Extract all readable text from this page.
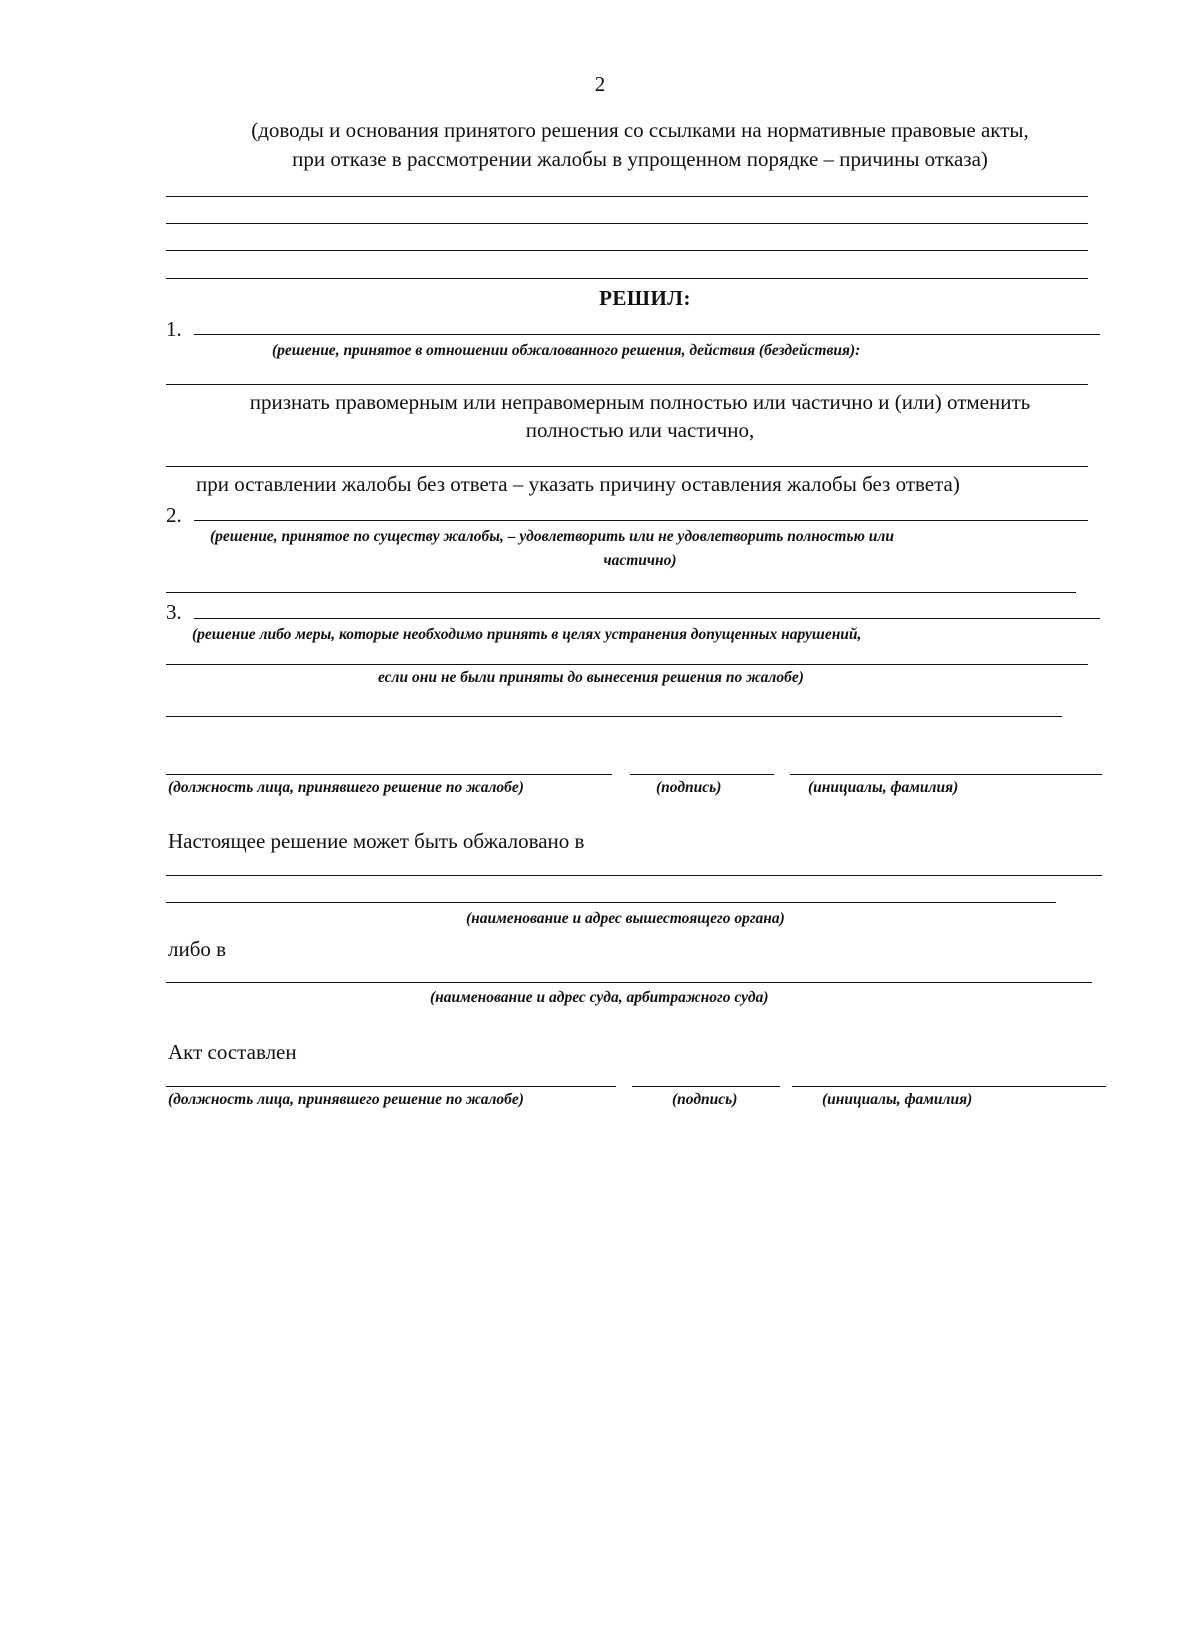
2
(доводы и основания принятого решения со ссылками на нормативные правовые акты,
при отказе в рассмотрении жалобы в упрощенном порядке – причины отказа)
РЕШИЛ:
1.
(решение, принятое в отношении обжалованного решения, действия (бездействия):
признать правомерным или неправомерным полностью или частично и (или) отменить
полностью или частично,
при оставлении жалобы без ответа – указать причину оставления жалобы без ответа)
2.
(решение, принятое по существу жалобы, – удовлетворить или не удовлетворить полностью или
частично)
3.
(решение либо меры, которые необходимо принять в целях устранения допущенных нарушений,
если они не были приняты до вынесения решения по жалобе)
(должность лица, принявшего решение по жалобе)	(подпись)	(инициалы, фамилия)
Настоящее решение может быть обжаловано в
(наименование и адрес вышестоящего органа)
либо в
(наименование и адрес суда, арбитражного суда)
Акт составлен
(должность лица, принявшего решение по жалобе)	(подпись)	(инициалы, фамилия)
